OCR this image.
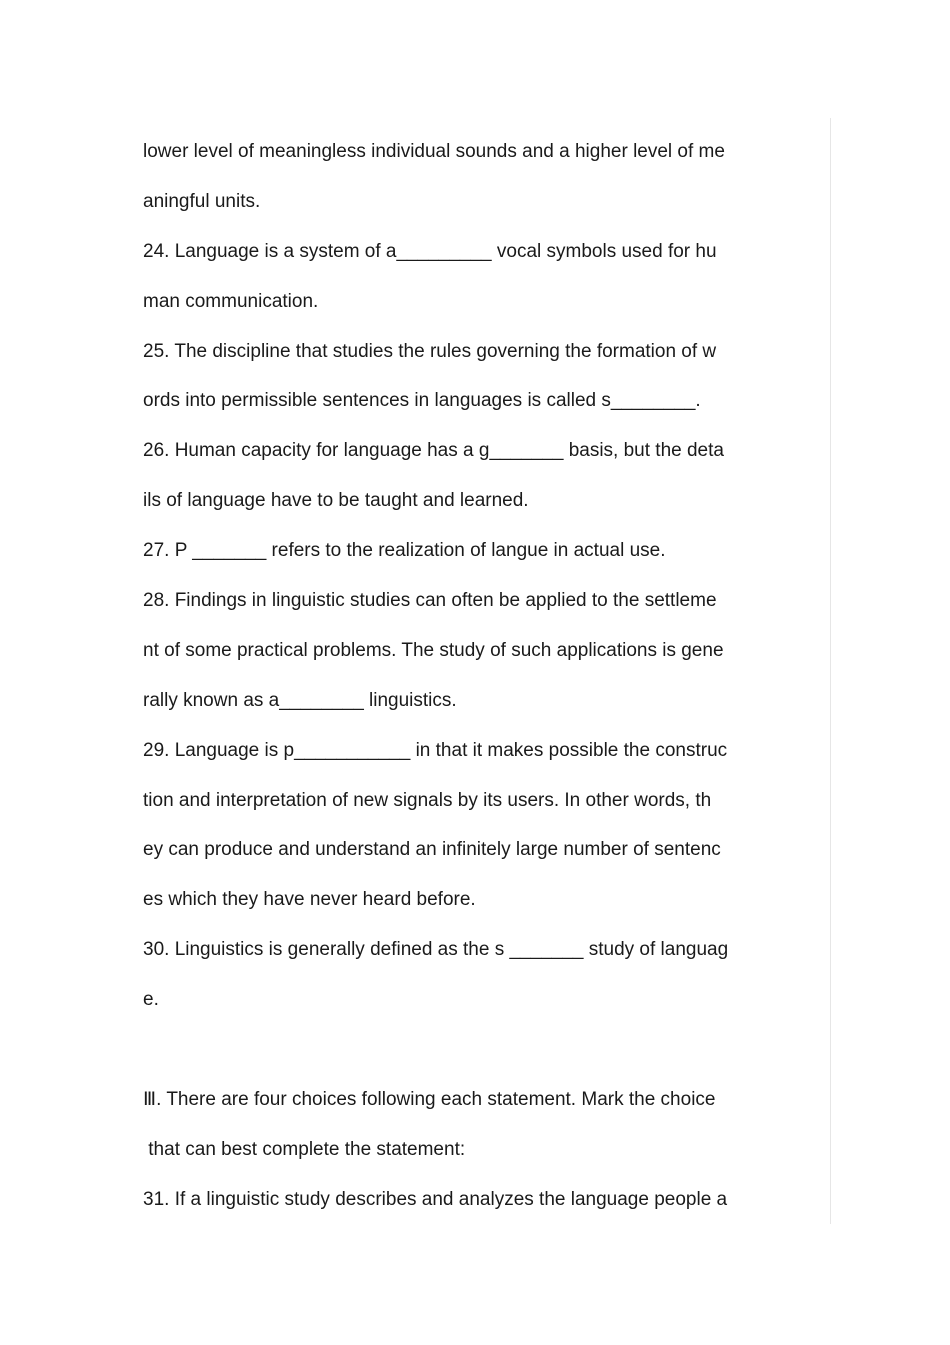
lower level of meaningless individual sounds and a higher level of me
aningful units.
24. Language is a system of a_________ vocal symbols used for hu
man communication.
25. The discipline that studies the rules governing the formation of w
ords into permissible sentences in languages is called s________.
26. Human capacity for language has a g_______ basis, but the deta
ils of language have to be taught and learned.
27. P _______ refers to the realization of langue in actual use.
28. Findings in linguistic studies can often be applied to the settleme
nt of some practical problems. The study of such applications is gene
rally known as a________ linguistics.
29. Language is p___________ in that it makes possible the construc
tion and interpretation of new signals by its users. In other words, th
ey can produce and understand an infinitely large number of sentenc
es which they have never heard before.
30. Linguistics is generally defined as the s _______ study of languag
e.
Ⅲ. There are four choices following each statement. Mark the choice
that can best complete the statement:
31. If a linguistic study describes and analyzes the language people a
